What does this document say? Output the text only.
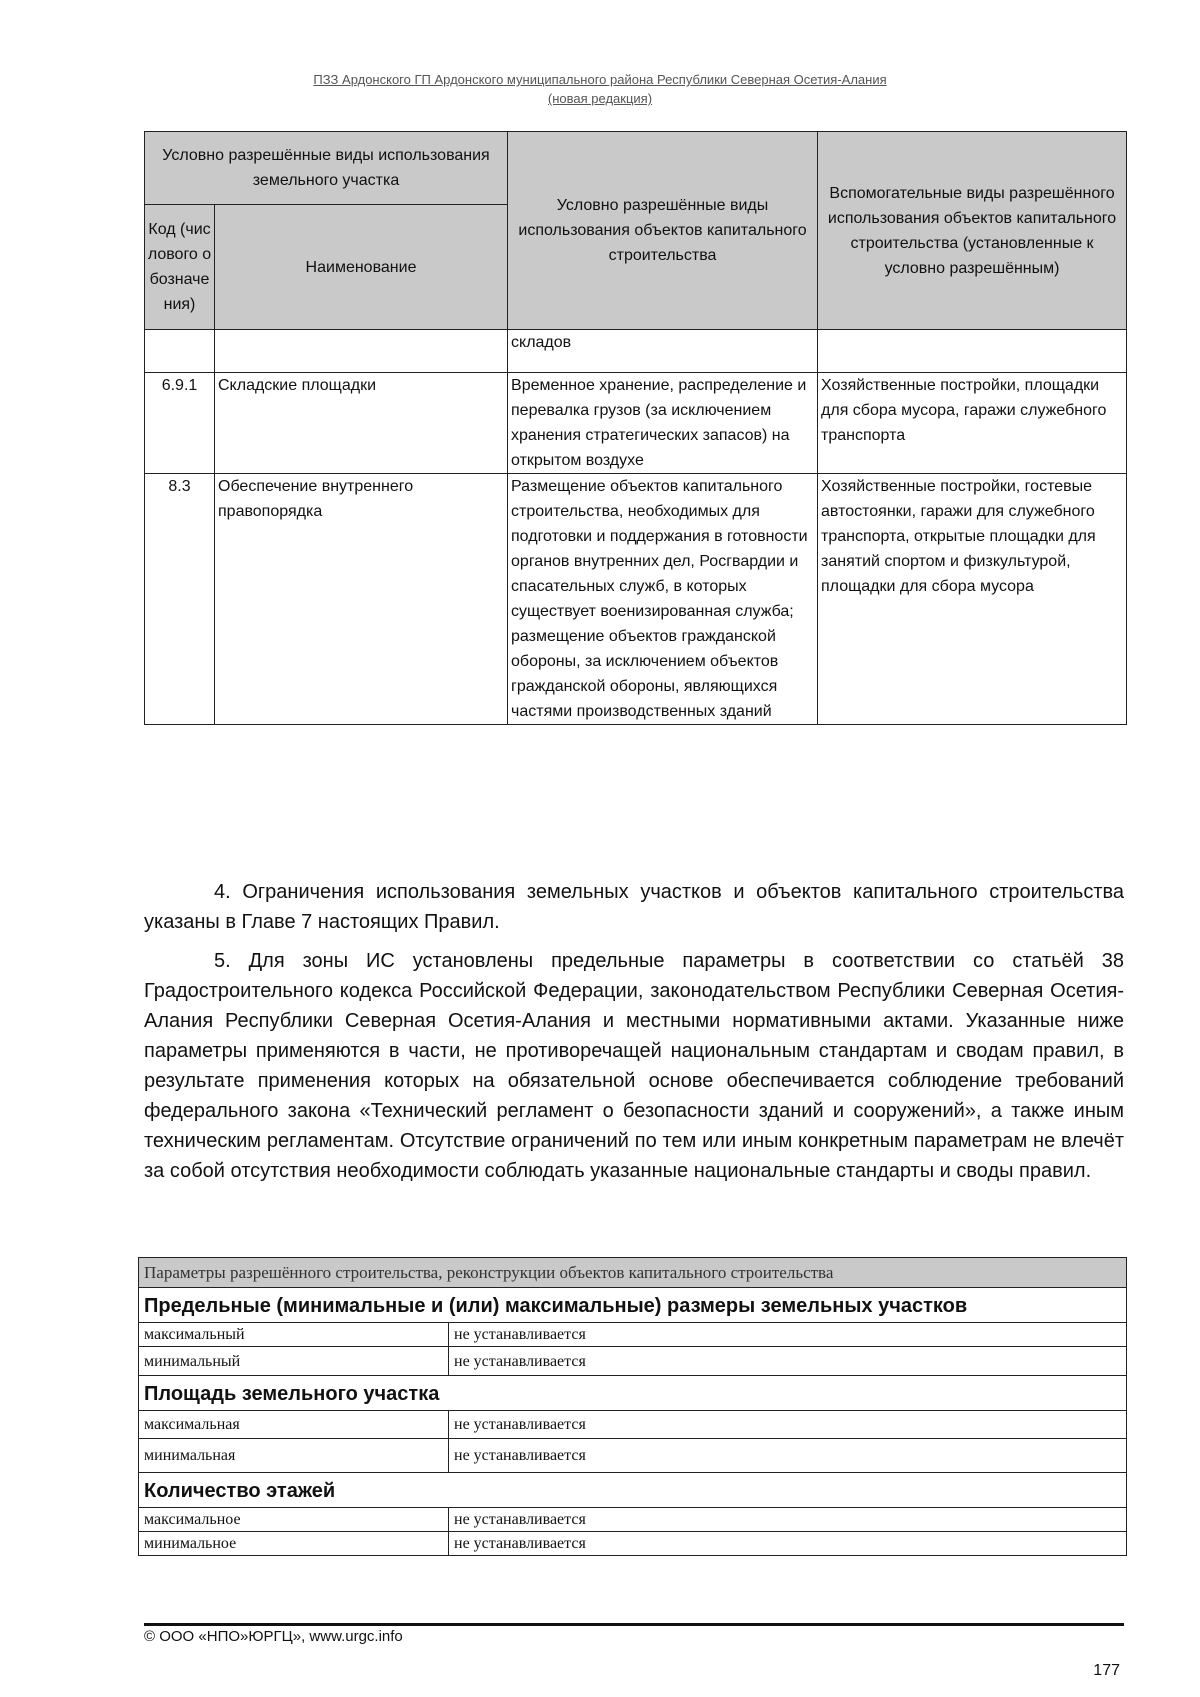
ПЗЗ Ардонского ГП Ардонского муниципального района Республики Северная Осетия-Алания
(новая редакция)
Условно разрешённые виды использования земельного участка		Условно разрешённые виды использования объектов капитального строительства	Вспомогательные виды разрешённого использования объектов капитального строительства (установленные к условно разрешённым)
Код (числового обозначения)	Наименование		
		складов	
6.9.1	Складские площадки	Временное хранение, распределение и перевалка грузов (за исключением хранения стратегических запасов) на открытом воздухе	Хозяйственные постройки, площадки для сбора мусора, гаражи служебного транспорта
8.3	Обеспечение внутреннего правопорядка	Размещение объектов капитального строительства, необходимых для подготовки и поддержания в готовности органов внутренних дел, Росгвардии и спасательных служб, в которых существует военизированная служба; размещение объектов гражданской обороны, за исключением объектов гражданской обороны, являющихся частями производственных зданий	Хозяйственные постройки, гостевые автостоянки, гаражи для служебного транспорта, открытые площадки для занятий спортом и физкультурой, площадки для сбора мусора

4. Ограничения использования земельных участков и объектов капитального строительства указаны в Главе 7 настоящих Правил.

5. Для зоны ИС установлены предельные параметры в соответствии со статьёй 38 Градостроительного кодекса Российской Федерации, законодательством Республики Северная Осетия-Алания Республики Северная Осетия-Алания и местными нормативными актами. Указанные ниже параметры применяются в части, не противоречащей национальным стандартам и сводам правил, в результате применения которых на обязательной основе обеспечивается соблюдение требований федерального закона «Технический регламент о безопасности зданий и сооружений», а также иным техническим регламентам. Отсутствие ограничений по тем или иным конкретным параметрам не влечёт за собой отсутствия необходимости соблюдать указанные национальные стандарты и своды правил.

Параметры разрешённого строительства, реконструкции объектов капитального строительства	
Предельные (минимальные и (или) максимальные) размеры земельных участков	
максимальный	не устанавливается
минимальный	не устанавливается
Площадь земельного участка	
максимальная	не устанавливается
минимальная	не устанавливается
Количество этажей	
максимальное	не устанавливается
минимальное	не устанавливается
© ООО «НПО»ЮРГЦ», www.urgc.info
177
